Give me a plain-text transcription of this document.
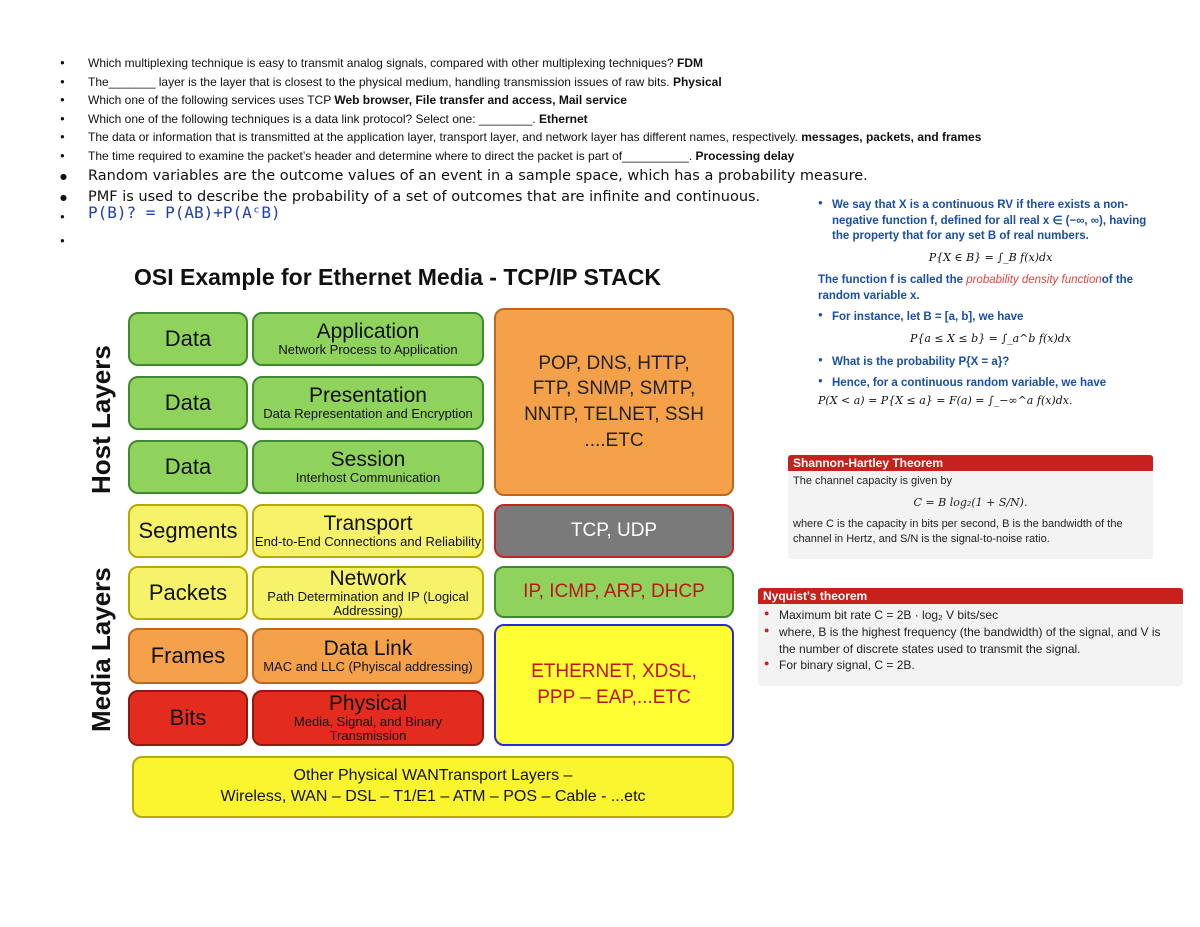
● Which multiplexing technique is easy to transmit analog signals, compared with other multiplexing techniques? FDM
● The_______ layer is the layer that is closest to the physical medium, handling transmission issues of raw bits. Physical
● Which one of the following services uses TCP Web browser, File transfer and access, Mail service
● Which one of the following techniques is a data link protocol? Select one: ________. Ethernet
● The data or information that is transmitted at the application layer, transport layer, and network layer has different names, respectively. messages, packets, and frames
● The time required to examine the packet’s header and determine where to direct the packet is part of__________. Processing delay
● Random variables are the outcome values of an event in a sample space, which has a probability measure.
● PMF is used to describe the probability of a set of outcomes that are infinite and continuous.
● P(B)? = P(AB)+P(AᶜB)
●
OSI Example for Ethernet Media - TCP/IP STACK
Host Layers
Media Layers
Data
Data
Data
Segments
Packets
Frames
Bits
Application
Network Process to Application
Presentation
Data Representation and Encryption
Session
Interhost Communication
Transport
End-to-End Connections and Reliability
Network
Path Determination and IP (Logical Addressing)
Data Link
MAC and LLC (Phyiscal addressing)
Physical
Media, Signal, and Binary Transmission
POP, DNS, HTTP,
FTP, SNMP, SMTP,
NNTP, TELNET, SSH
....ETC
TCP, UDP
IP, ICMP, ARP, DHCP
ETHERNET, XDSL,
PPP – EAP,...ETC
Other Physical WANTransport Layers –
Wireless, WAN – DSL – T1/E1 – ATM – POS – Cable - ...etc
● We say that X is a continuous RV if there exists a non-negative function f, defined for all real x ∈ (−∞, ∞), having the property that for any set B of real numbers.
P{X ∈ B} = ∫_B f(x)dx
The function f is called the probability density functionof the random variable x.
● For instance, let B = [a, b], we have
P{a ≤ X ≤ b} = ∫_a^b f(x)dx
● What is the probability P{X = a}?
● Hence, for a continuous random variable, we have
P(X < a) = P{X ≤ a} = F(a) = ∫_−∞^a f(x)dx.
Shannon-Hartley Theorem
The channel capacity is given by
C = B log₂(1 + S/N).
where C is the capacity in bits per second, B is the bandwidth of the channel in Hertz, and S/N is the signal-to-noise ratio.
Nyquist's theorem
● Maximum bit rate C = 2B · log₂ V bits/sec
● where, B is the highest frequency (the bandwidth) of the signal, and V is the number of discrete states used to transmit the signal.
● For binary signal, C = 2B.
